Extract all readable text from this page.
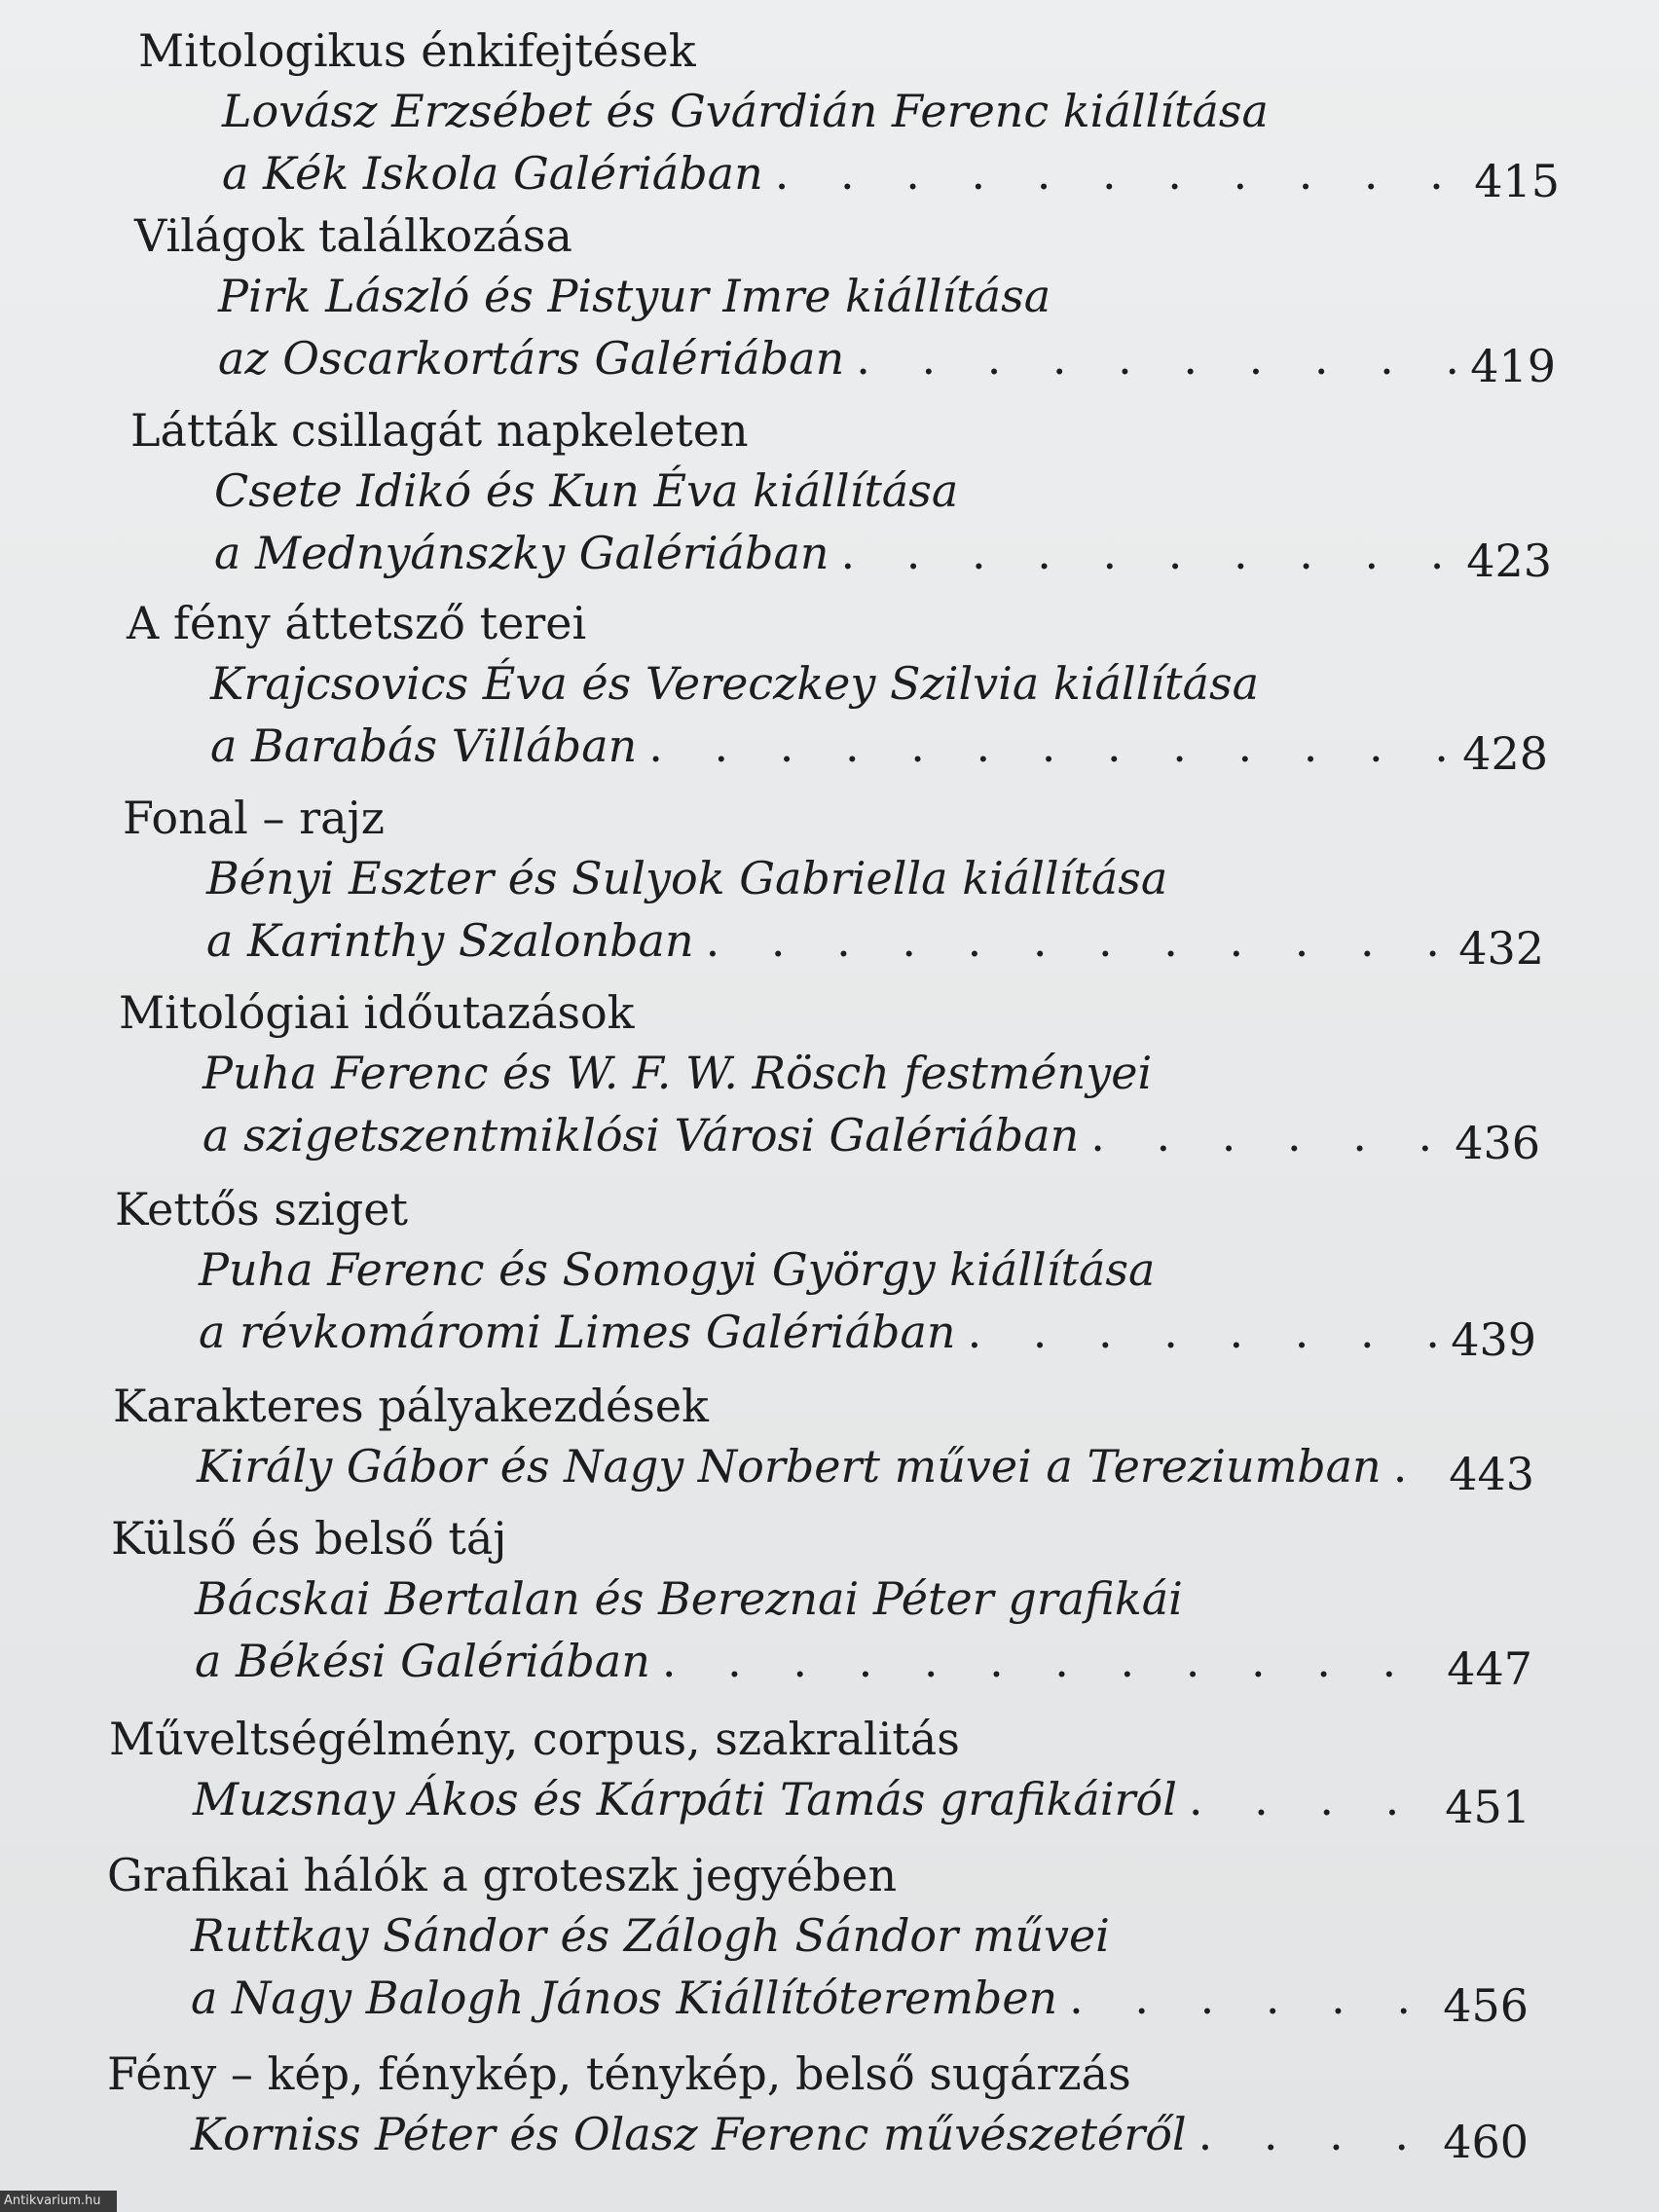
Mitologikus énkifejtések
Lovász Erzsébet és Gvárdián Ferenc kiállítása
a Kék Iskola Galériában . . .	415
Világok találkozása
Pirk László és Pistyur Imre kiállítása
az Oscarkortárs Galériában . . .	419
Látták csillagát napkeleten
Csete Idikó és Kun Éva kiállítása
a Mednyánszky Galériában . . .	423
A fény áttetsző terei
Krajcsovics Éva és Vereczkey Szilvia kiállítása
a Barabás Villában . . .	428
Fonal – rajz
Bényi Eszter és Sulyok Gabriella kiállítása
a Karinthy Szalonban . . .	432
Mitológiai időutazások
Puha Ferenc és W. F. W. Rösch festményei
a szigetszentmiklósi Városi Galériában . . .	436
Kettős sziget
Puha Ferenc és Somogyi György kiállítása
a révkomáromi Limes Galériában . . .	439
Karakteres pályakezdések
Király Gábor és Nagy Norbert művei a Tereziumban . . . 443
Külső és belső táj
Bácskai Bertalan és Bereznai Péter grafikái
a Békési Galériában . . .	447
Műveltségélmény, corpus, szakralitás
Muzsnay Ákos és Kárpáti Tamás grafikáiról . . .	451
Grafikai hálók a groteszk jegyében
Ruttkay Sándor és Zálogh Sándor művei
a Nagy Balogh János Kiállítóteremben . . .	456
Fény – kép, fénykép, ténykép, belső sugárzás
Korniss Péter és Olasz Ferenc művészetéről . . .	460
Antikvarium.hu
